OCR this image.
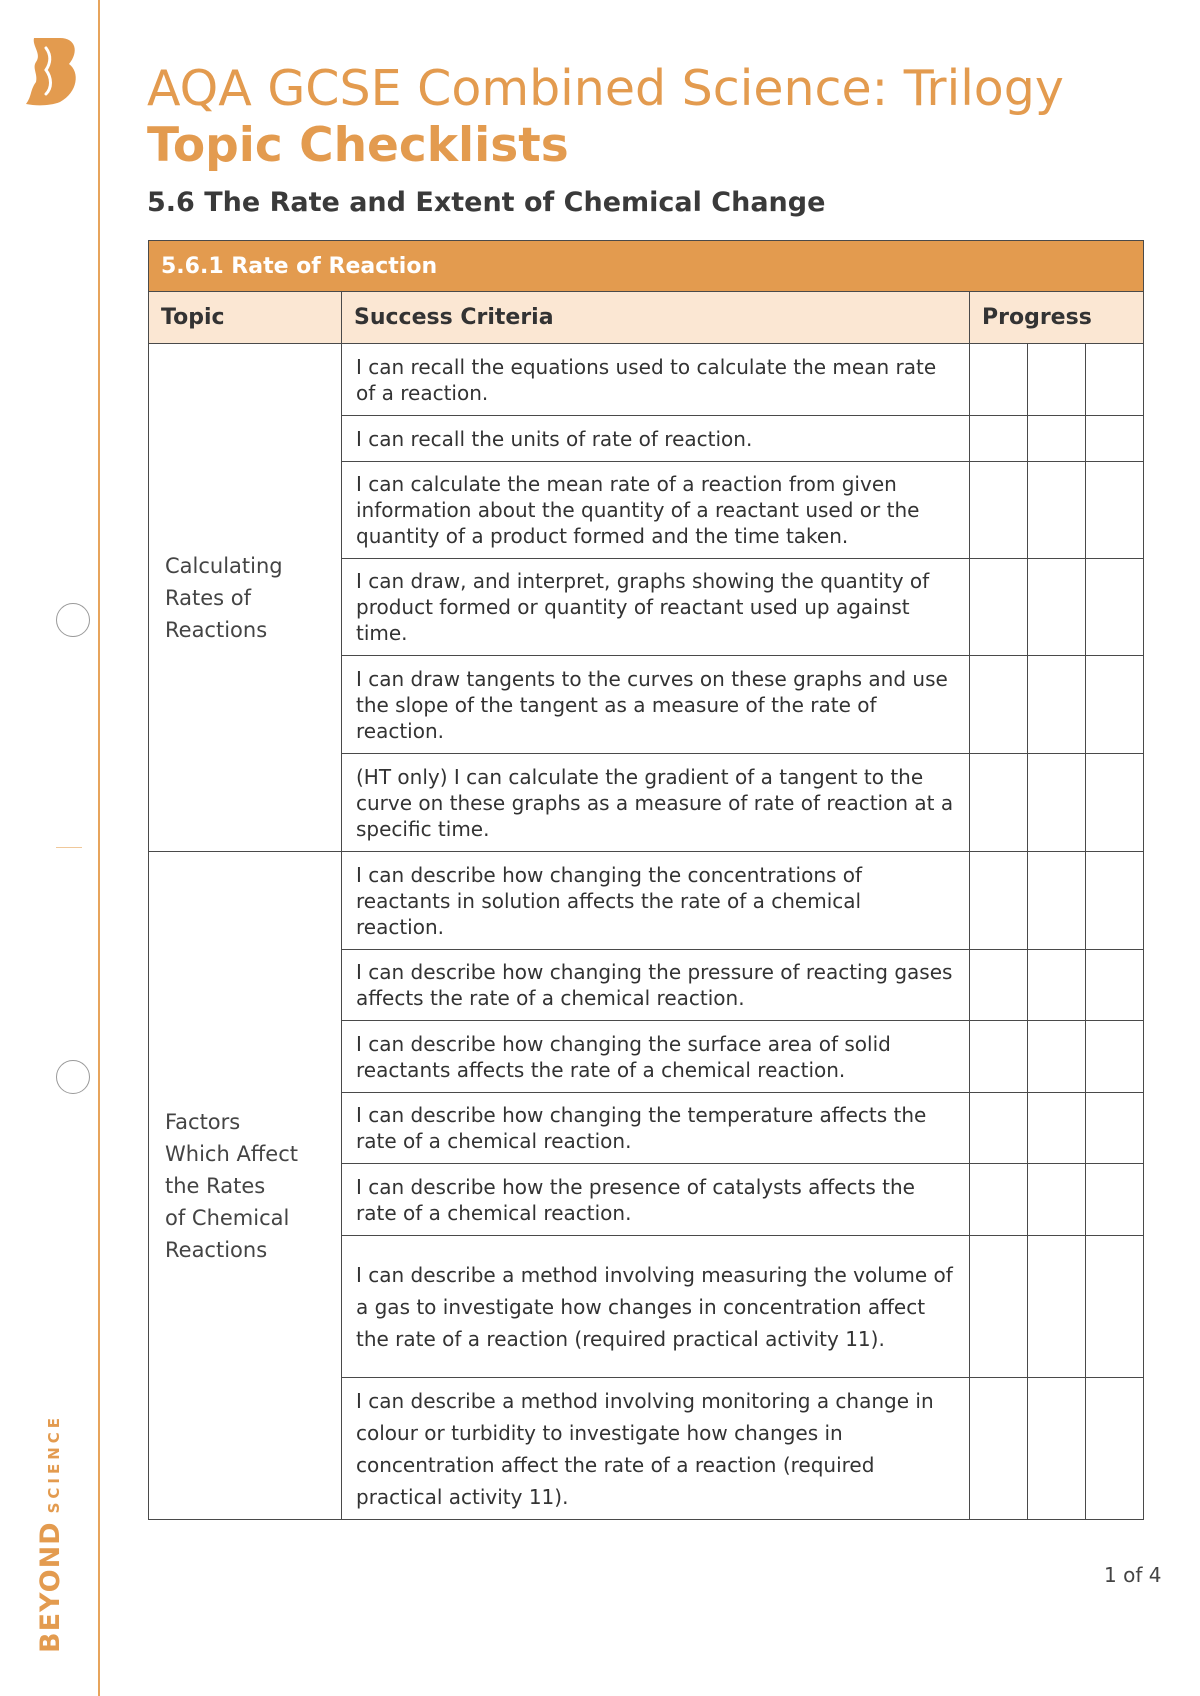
BEYONDSCIENCE
AQA GCSE Combined Science: Trilogy
Topic Checklists
5.6 The Rate and Extent of Chemical Change
5.6.1 Rate of Reaction				
Topic	Success Criteria	Progress		

Calculating
Rates of
Reactions	I can recall the equations used to calculate the mean rate of a reaction.			
	I can recall the units of rate of reaction.			
	I can calculate the mean rate of a reaction from given information about the quantity of a reactant used or the quantity of a product formed and the time taken.			
	I can draw, and interpret, graphs showing the quantity of product formed or quantity of reactant used up against time.			
	I can draw tangents to the curves on these graphs and use the slope of the tangent as a measure of the rate of reaction.			
	(HT only) I can calculate the gradient of a tangent to the curve on these graphs as a measure of rate of reaction at a specific time.			

Factors
Which Affect
the Rates
of Chemical
Reactions	I can describe how changing the concentrations of reactants in solution affects the rate of a chemical reaction.			
	I can describe how changing the pressure of reacting gases affects the rate of a chemical reaction.			
	I can describe how changing the surface area of solid reactants affects the rate of a chemical reaction.			
	I can describe how changing the temperature affects the rate of a chemical reaction.			
	I can describe how the presence of catalysts affects the rate of a chemical reaction.			
	I can describe a method involving measuring the volume of a gas to investigate how changes in concentration affect the rate of a reaction (required practical activity 11).			
	I can describe a method involving monitoring a change in colour or turbidity to investigate how changes in concentration affect the rate of a reaction (required practical activity 11).			
1 of 4
